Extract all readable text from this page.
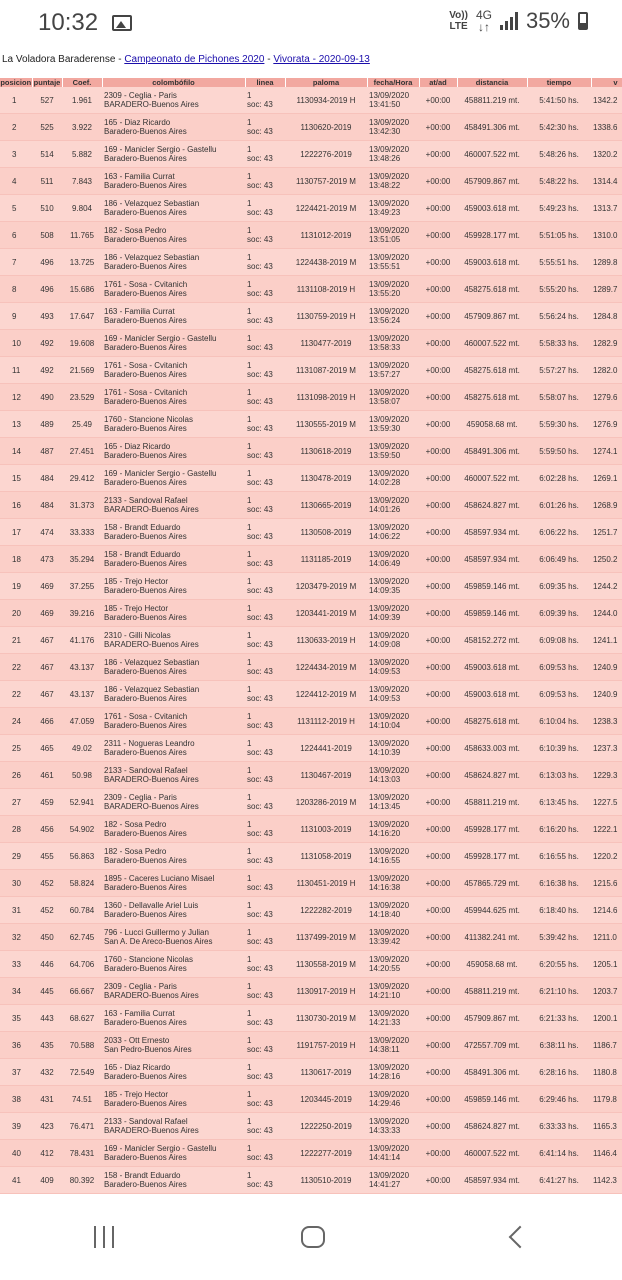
10:32	Vo))
LTE
4G
↓↑ 35%
La Voladora Baraderense - Campeonato de Pichones 2020 - Vivorata - 2020-09-13
posicion	puntaje	Coef.	colombófilo	linea	paloma	fecha/Hora	at/ad	distancia	tiempo	v
1	527	1.961	2309 - Ceglia - Paris
BARADERO-Buenos Aires	1
soc: 43	1130934-2019 H	13/09/2020
13:41:50	+00:00	458811.219 mt.	5:41:50 hs.	1342.2
2	525	3.922	165 - Diaz Ricardo
Baradero-Buenos Aires	1
soc: 43	1130620-2019	13/09/2020
13:42:30	+00:00	458491.306 mt.	5:42:30 hs.	1338.6
3	514	5.882	169 - Manicler Sergio - Gastellu
Baradero-Buenos Aires	1
soc: 43	1222276-2019	13/09/2020
13:48:26	+00:00	460007.522 mt.	5:48:26 hs.	1320.2
4	511	7.843	163 - Familia Currat
Baradero-Buenos Aires	1
soc: 43	1130757-2019 M	13/09/2020
13:48:22	+00:00	457909.867 mt.	5:48:22 hs.	1314.4
5	510	9.804	186 - Velazquez Sebastian
Baradero-Buenos Aires	1
soc: 43	1224421-2019 M	13/09/2020
13:49:23	+00:00	459003.618 mt.	5:49:23 hs.	1313.7
6	508	11.765	182 - Sosa Pedro
Baradero-Buenos Aires	1
soc: 43	1131012-2019	13/09/2020
13:51:05	+00:00	459928.177 mt.	5:51:05 hs.	1310.0
7	496	13.725	186 - Velazquez Sebastian
Baradero-Buenos Aires	1
soc: 43	1224438-2019 M	13/09/2020
13:55:51	+00:00	459003.618 mt.	5:55:51 hs.	1289.8
8	496	15.686	1761 - Sosa - Cvitanich
Baradero-Buenos Aires	1
soc: 43	1131108-2019 H	13/09/2020
13:55:20	+00:00	458275.618 mt.	5:55:20 hs.	1289.7
9	493	17.647	163 - Familia Currat
Baradero-Buenos Aires	1
soc: 43	1130759-2019 H	13/09/2020
13:56:24	+00:00	457909.867 mt.	5:56:24 hs.	1284.8
10	492	19.608	169 - Manicler Sergio - Gastellu
Baradero-Buenos Aires	1
soc: 43	1130477-2019	13/09/2020
13:58:33	+00:00	460007.522 mt.	5:58:33 hs.	1282.9
11	492	21.569	1761 - Sosa - Cvitanich
Baradero-Buenos Aires	1
soc: 43	1131087-2019 M	13/09/2020
13:57:27	+00:00	458275.618 mt.	5:57:27 hs.	1282.0
12	490	23.529	1761 - Sosa - Cvitanich
Baradero-Buenos Aires	1
soc: 43	1131098-2019 H	13/09/2020
13:58:07	+00:00	458275.618 mt.	5:58:07 hs.	1279.6
13	489	25.49	1760 - Stancione Nicolas
Baradero-Buenos Aires	1
soc: 43	1130555-2019 M	13/09/2020
13:59:30	+00:00	459058.68 mt.	5:59:30 hs.	1276.9
14	487	27.451	165 - Diaz Ricardo
Baradero-Buenos Aires	1
soc: 43	1130618-2019	13/09/2020
13:59:50	+00:00	458491.306 mt.	5:59:50 hs.	1274.1
15	484	29.412	169 - Manicler Sergio - Gastellu
Baradero-Buenos Aires	1
soc: 43	1130478-2019	13/09/2020
14:02:28	+00:00	460007.522 mt.	6:02:28 hs.	1269.1
16	484	31.373	2133 - Sandoval Rafael
BARADERO-Buenos Aires	1
soc: 43	1130665-2019	13/09/2020
14:01:26	+00:00	458624.827 mt.	6:01:26 hs.	1268.9
17	474	33.333	158 - Brandt Eduardo
Baradero-Buenos Aires	1
soc: 43	1130508-2019	13/09/2020
14:06:22	+00:00	458597.934 mt.	6:06:22 hs.	1251.7
18	473	35.294	158 - Brandt Eduardo
Baradero-Buenos Aires	1
soc: 43	1131185-2019	13/09/2020
14:06:49	+00:00	458597.934 mt.	6:06:49 hs.	1250.2
19	469	37.255	185 - Trejo Hector
Baradero-Buenos Aires	1
soc: 43	1203479-2019 M	13/09/2020
14:09:35	+00:00	459859.146 mt.	6:09:35 hs.	1244.2
20	469	39.216	185 - Trejo Hector
Baradero-Buenos Aires	1
soc: 43	1203441-2019 M	13/09/2020
14:09:39	+00:00	459859.146 mt.	6:09:39 hs.	1244.0
21	467	41.176	2310 - Gilli Nicolas
BARADERO-Buenos Aires	1
soc: 43	1130633-2019 H	13/09/2020
14:09:08	+00:00	458152.272 mt.	6:09:08 hs.	1241.1
22	467	43.137	186 - Velazquez Sebastian
Baradero-Buenos Aires	1
soc: 43	1224434-2019 M	13/09/2020
14:09:53	+00:00	459003.618 mt.	6:09:53 hs.	1240.9
22	467	43.137	186 - Velazquez Sebastian
Baradero-Buenos Aires	1
soc: 43	1224412-2019 M	13/09/2020
14:09:53	+00:00	459003.618 mt.	6:09:53 hs.	1240.9
24	466	47.059	1761 - Sosa - Cvitanich
Baradero-Buenos Aires	1
soc: 43	1131112-2019 H	13/09/2020
14:10:04	+00:00	458275.618 mt.	6:10:04 hs.	1238.3
25	465	49.02	2311 - Nogueras Leandro
Baradero-Buenos Aires	1
soc: 43	1224441-2019	13/09/2020
14:10:39	+00:00	458633.003 mt.	6:10:39 hs.	1237.3
26	461	50.98	2133 - Sandoval Rafael
BARADERO-Buenos Aires	1
soc: 43	1130467-2019	13/09/2020
14:13:03	+00:00	458624.827 mt.	6:13:03 hs.	1229.3
27	459	52.941	2309 - Ceglia - Paris
BARADERO-Buenos Aires	1
soc: 43	1203286-2019 M	13/09/2020
14:13:45	+00:00	458811.219 mt.	6:13:45 hs.	1227.5
28	456	54.902	182 - Sosa Pedro
Baradero-Buenos Aires	1
soc: 43	1131003-2019	13/09/2020
14:16:20	+00:00	459928.177 mt.	6:16:20 hs.	1222.1
29	455	56.863	182 - Sosa Pedro
Baradero-Buenos Aires	1
soc: 43	1131058-2019	13/09/2020
14:16:55	+00:00	459928.177 mt.	6:16:55 hs.	1220.2
30	452	58.824	1895 - Caceres Luciano Misael
Baradero-Buenos Aires	1
soc: 43	1130451-2019 H	13/09/2020
14:16:38	+00:00	457865.729 mt.	6:16:38 hs.	1215.6
31	452	60.784	1360 - Dellavalle Ariel Luis
Baradero-Buenos Aires	1
soc: 43	1222282-2019	13/09/2020
14:18:40	+00:00	459944.625 mt.	6:18:40 hs.	1214.6
32	450	62.745	796 - Lucci Guillermo y Julian
San A. De Areco-Buenos Aires	1
soc: 43	1137499-2019 M	13/09/2020
13:39:42	+00:00	411382.241 mt.	5:39:42 hs.	1211.0
33	446	64.706	1760 - Stancione Nicolas
Baradero-Buenos Aires	1
soc: 43	1130558-2019 M	13/09/2020
14:20:55	+00:00	459058.68 mt.	6:20:55 hs.	1205.1
34	445	66.667	2309 - Ceglia - Paris
BARADERO-Buenos Aires	1
soc: 43	1130917-2019 H	13/09/2020
14:21:10	+00:00	458811.219 mt.	6:21:10 hs.	1203.7
35	443	68.627	163 - Familia Currat
Baradero-Buenos Aires	1
soc: 43	1130730-2019 M	13/09/2020
14:21:33	+00:00	457909.867 mt.	6:21:33 hs.	1200.1
36	435	70.588	2033 - Ott Ernesto
San Pedro-Buenos Aires	1
soc: 43	1191757-2019 H	13/09/2020
14:38:11	+00:00	472557.709 mt.	6:38:11 hs.	1186.7
37	432	72.549	165 - Diaz Ricardo
Baradero-Buenos Aires	1
soc: 43	1130617-2019	13/09/2020
14:28:16	+00:00	458491.306 mt.	6:28:16 hs.	1180.8
38	431	74.51	185 - Trejo Hector
Baradero-Buenos Aires	1
soc: 43	1203445-2019	13/09/2020
14:29:46	+00:00	459859.146 mt.	6:29:46 hs.	1179.8
39	423	76.471	2133 - Sandoval Rafael
BARADERO-Buenos Aires	1
soc: 43	1222250-2019	13/09/2020
14:33:33	+00:00	458624.827 mt.	6:33:33 hs.	1165.3
40	412	78.431	169 - Manicler Sergio - Gastellu
Baradero-Buenos Aires	1
soc: 43	1222277-2019	13/09/2020
14:41:14	+00:00	460007.522 mt.	6:41:14 hs.	1146.4
41	409	80.392	158 - Brandt Eduardo
Baradero-Buenos Aires	1
soc: 43	1130510-2019	13/09/2020
14:41:27	+00:00	458597.934 mt.	6:41:27 hs.	1142.3
